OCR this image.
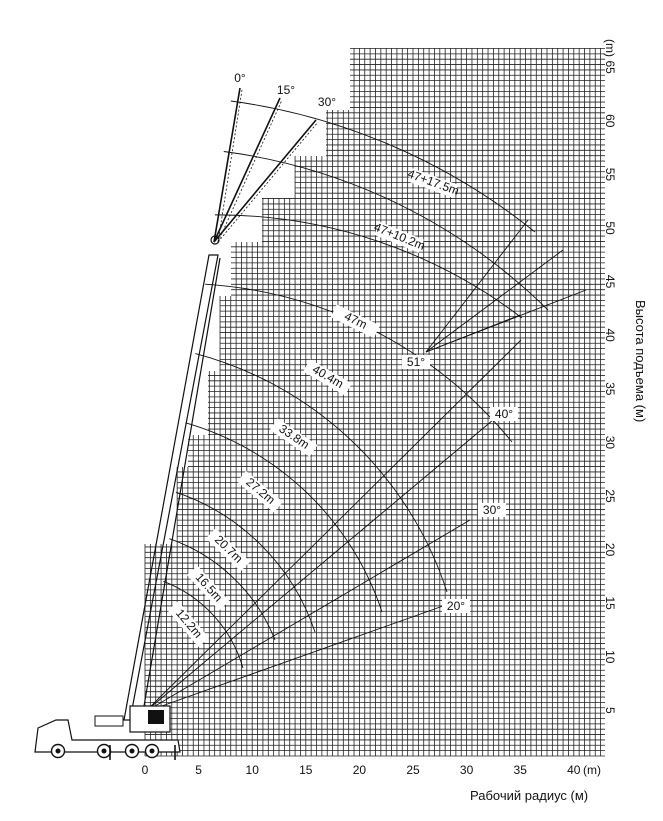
12.2m
16.5m
20.7m
27.2m
33.8m
40.4m
47m
47+10.2m
47+17.5m
20°
30°
40°
51°
0°
15°
30°
0	5	10	15	20	25	30	35	40 (m)
5
10
15
20
25
30
35
40
45
50
55
60
65
(m)
Рабочий радиус (м)
Высота подъема (м)
